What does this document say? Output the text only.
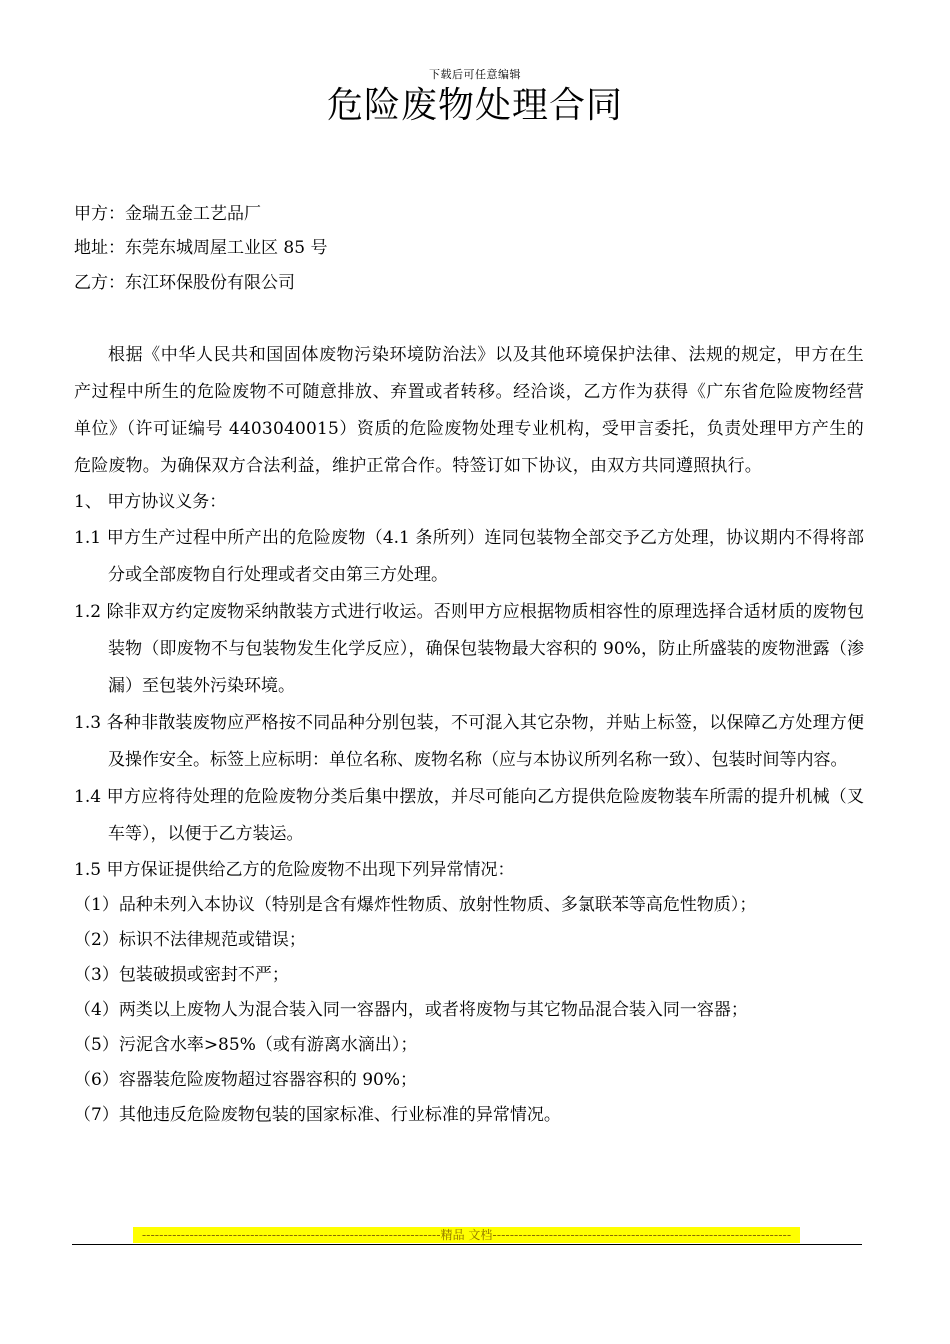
下载后可任意编辑
危险废物处理合同
甲方：金瑞五金工艺品厂
地址：东莞东城周屋工业区 85 号
乙方：东江环保股份有限公司

根据《中华人民共和国固体废物污染环境防治法》以及其他环境保护法律、法规的规定，甲方在生产过程中所生的危险废物不可随意排放、弃置或者转移。经洽谈，乙方作为获得《广东省危险废物经营单位》（许可证编号 4403040015）资质的危险废物处理专业机构，受甲言委托，负责处理甲方产生的危险废物。为确保双方合法利益，维护正常合作。特签订如下协议，由双方共同遵照执行。

1、 甲方协议义务：

1.1 甲方生产过程中所产出的危险废物（4.1 条所列）连同包装物全部交予乙方处理，协议期内不得将部分或全部废物自行处理或者交由第三方处理。

1.2 除非双方约定废物采纳散装方式进行收运。否则甲方应根据物质相容性的原理选择合适材质的废物包装物（即废物不与包装物发生化学反应），确保包装物最大容积的 90%，防止所盛装的废物泄露（渗漏）至包装外污染环境。

1.3 各种非散装废物应严格按不同品种分别包装，不可混入其它杂物，并贴上标签，以保障乙方处理方便及操作安全。标签上应标明：单位名称、废物名称（应与本协议所列名称一致）、包装时间等内容。

1.4 甲方应将待处理的危险废物分类后集中摆放，并尽可能向乙方提供危险废物装车所需的提升机械（叉车等），以便于乙方装运。

1.5 甲方保证提供给乙方的危险废物不出现下列异常情况：

（1）品种未列入本协议（特别是含有爆炸性物质、放射性物质、多氯联苯等高危性物质）；

（2）标识不法律规范或错误；

（3）包装破损或密封不严；

（4）两类以上废物人为混合装入同一容器内，或者将废物与其它物品混合装入同一容器；

（5）污泥含水率>85%（或有游离水滴出）；

（6）容器装危险废物超过容器容积的 90%；

（7）其他违反危险废物包装的国家标准、行业标准的异常情况。

---------------------------------------------------------------------精品 文档---------------------------------------------------------------------
